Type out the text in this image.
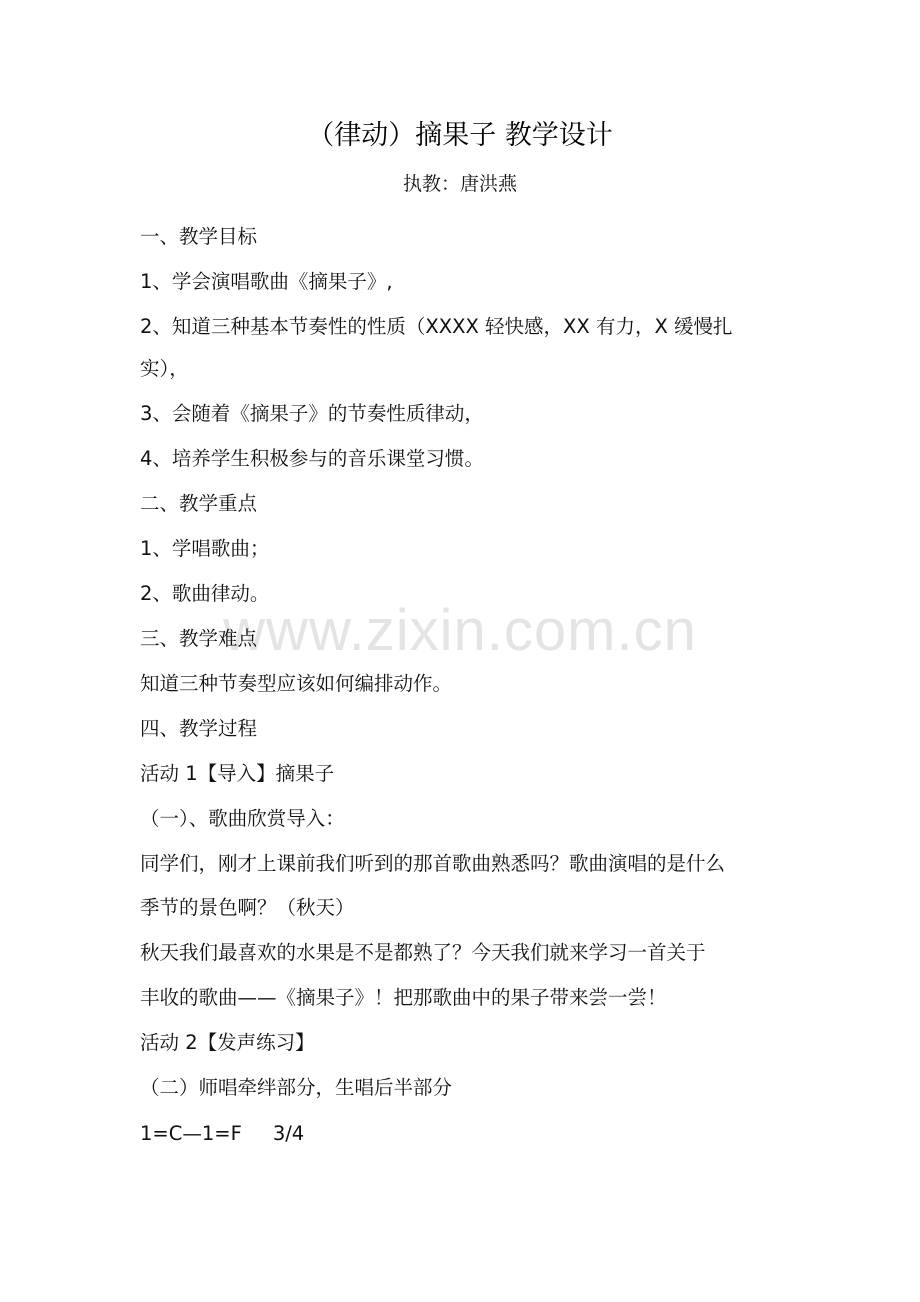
（律动）摘果子 教学设计
执教：唐洪燕
www.zixin.com.cn
一、教学目标
1、学会演唱歌曲《摘果子》,
2、知道三种基本节奏性的性质（XXXX 轻快感，XX 有力，X 缓慢扎
实），
3、会随着《摘果子》的节奏性质律动，
4、培养学生积极参与的音乐课堂习惯。
二、教学重点
1、学唱歌曲；
2、歌曲律动。
三、教学难点
知道三种节奏型应该如何编排动作。
四、教学过程
活动 1【导入】摘果子
（一）、歌曲欣赏导入：
同学们，刚才上课前我们听到的那首歌曲熟悉吗？歌曲演唱的是什么
季节的景色啊？（秋天）
秋天我们最喜欢的水果是不是都熟了？今天我们就来学习一首关于
丰收的歌曲——《摘果子》！把那歌曲中的果子带来尝一尝！
活动 2【发声练习】
（二）师唱牵绊部分，生唱后半部分
1=C—1=F     3/4
